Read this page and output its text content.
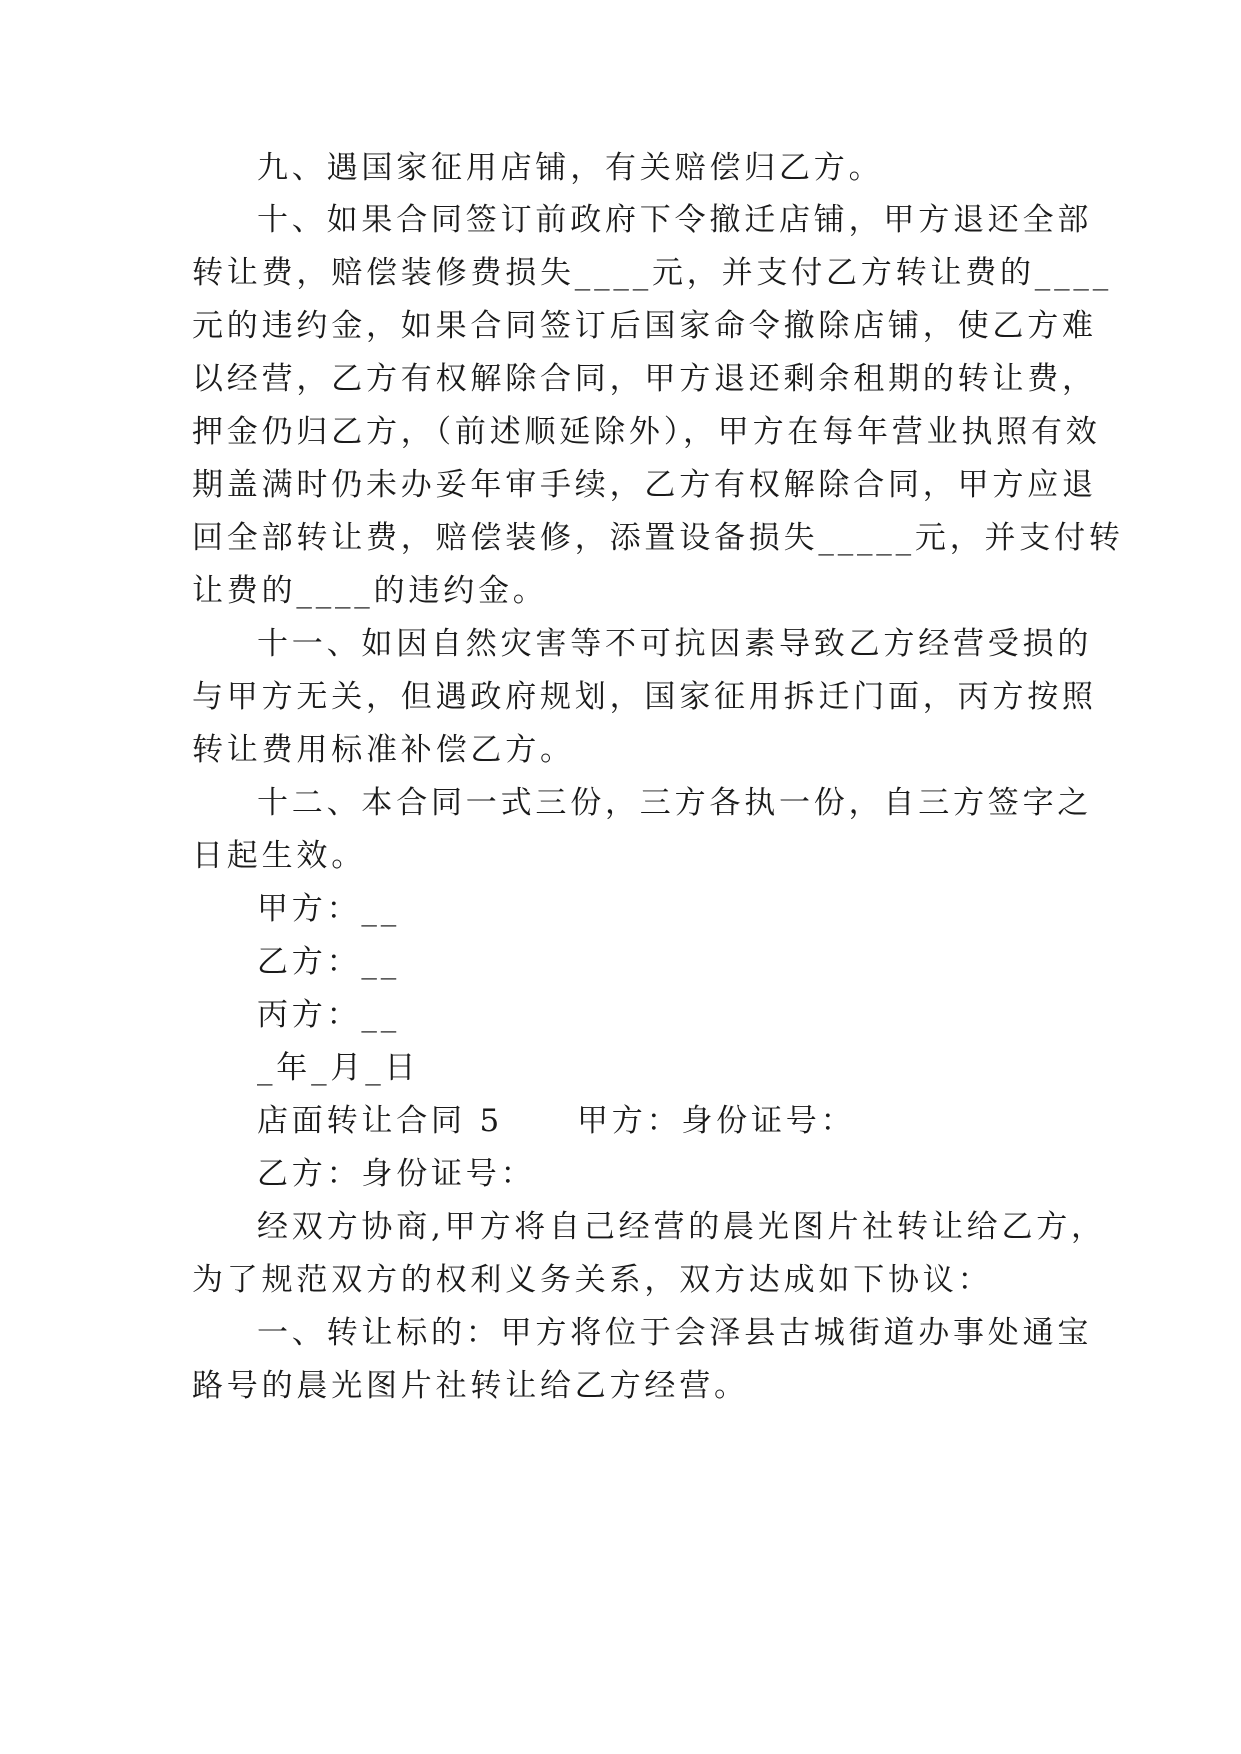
九、遇国家征用店铺，有关赔偿归乙方。
十、如果合同签订前政府下令撤迁店铺，甲方退还全部
转让费，赔偿装修费损失____元，并支付乙方转让费的____
元的违约金，如果合同签订后国家命令撤除店铺，使乙方难
以经营，乙方有权解除合同，甲方退还剩余租期的转让费，
押金仍归乙方，（前述顺延除外），甲方在每年营业执照有效
期盖满时仍未办妥年审手续，乙方有权解除合同，甲方应退
回全部转让费，赔偿装修，添置设备损失_____元，并支付转
让费的____的违约金。
十一、如因自然灾害等不可抗因素导致乙方经营受损的
与甲方无关，但遇政府规划，国家征用拆迁门面，丙方按照
转让费用标准补偿乙方。
十二、本合同一式三份，三方各执一份，自三方签字之
日起生效。
甲方：__
乙方：__
丙方：__
_年_月_日
店面转让合同 5 甲方：身份证号：
乙方：身份证号：
经双方协商,甲方将自己经营的晨光图片社转让给乙方，
为了规范双方的权利义务关系，双方达成如下协议：
一、转让标的：甲方将位于会泽县古城街道办事处通宝
路号的晨光图片社转让给乙方经营。
